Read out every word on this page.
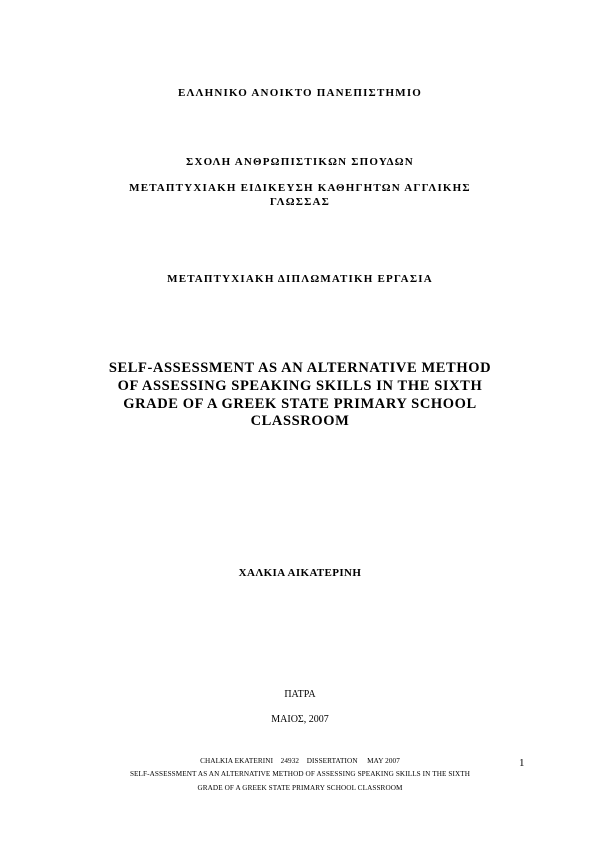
ΕΛΛΗΝΙΚΟ ΑΝΟΙΚΤΟ ΠΑΝΕΠΙΣΤΗΜΙΟ
ΣΧΟΛΗ ΑΝΘΡΩΠΙΣΤΙΚΩΝ ΣΠΟΥΔΩΝ
ΜΕΤΑΠΤΥΧΙΑΚΗ ΕΙΔΙΚΕΥΣΗ ΚΑΘΗΓΗΤΩΝ ΑΓΓΛΙΚΗΣ
ΓΛΩΣΣΑΣ
ΜΕΤΑΠΤΥΧΙΑΚΗ ΔΙΠΛΩΜΑΤΙΚΗ ΕΡΓΑΣΙΑ
SELF-ASSESSMENT AS AN ALTERNATIVE METHOD
OF ASSESSING SPEAKING SKILLS IN THE SIXTH
GRADE OF A GREEK STATE PRIMARY SCHOOL
CLASSROOM
ΧΑΛΚΙΑ ΑΙΚΑΤΕΡΙΝΗ
ΠΑΤΡΑ
ΜΑΙΟΣ, 2007
CHALKIA EKATERINI    24932    DISSERTATION     MAY 2007
SELF-ASSESSMENT AS AN ALTERNATIVE METHOD OF ASSESSING SPEAKING SKILLS IN THE SIXTH
GRADE OF A GREEK STATE PRIMARY SCHOOL CLASSROOM
1
